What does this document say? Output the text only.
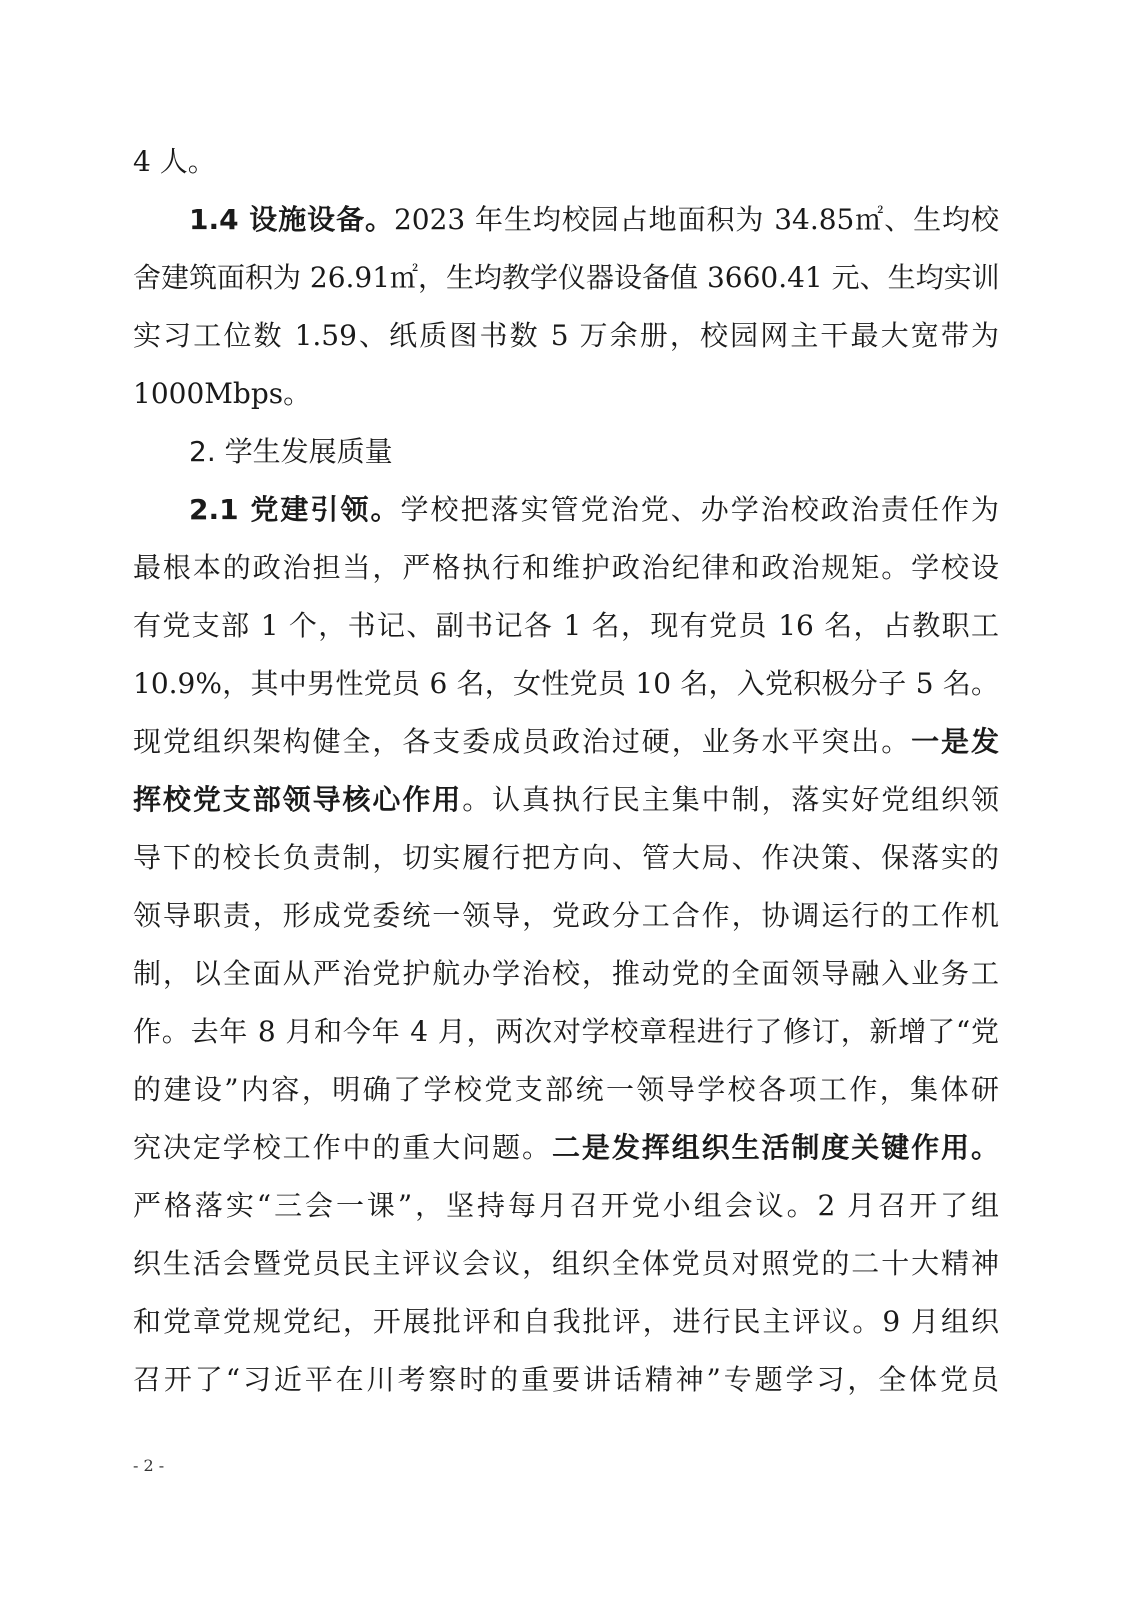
4 人。
1.4 设施设备。2023 年生均校园占地面积为 34.85㎡、生均校
舍建筑面积为 26.91㎡，生均教学仪器设备值 3660.41 元、生均实训
实习工位数 1.59、纸质图书数 5 万余册，校园网主干最大宽带为
1000Mbps。
2. 学生发展质量
2.1 党建引领。学校把落实管党治党、办学治校政治责任作为
最根本的政治担当，严格执行和维护政治纪律和政治规矩。学校设
有党支部 1 个，书记、副书记各 1 名，现有党员 16 名，占教职工
10.9%，其中男性党员 6 名，女性党员 10 名，入党积极分子 5 名。
现党组织架构健全，各支委成员政治过硬，业务水平突出。一是发
挥校党支部领导核心作用。认真执行民主集中制，落实好党组织领
导下的校长负责制，切实履行把方向、管大局、作决策、保落实的
领导职责，形成党委统一领导，党政分工合作，协调运行的工作机
制，以全面从严治党护航办学治校，推动党的全面领导融入业务工
作。去年 8 月和今年 4 月，两次对学校章程进行了修订，新增了“党
的建设”内容，明确了学校党支部统一领导学校各项工作，集体研
究决定学校工作中的重大问题。二是发挥组织生活制度关键作用。
严格落实“三会一课”，坚持每月召开党小组会议。2 月召开了组
织生活会暨党员民主评议会议，组织全体党员对照党的二十大精神
和党章党规党纪，开展批评和自我批评，进行民主评议。9 月组织
召开了“习近平在川考察时的重要讲话精神”专题学习，全体党员
- 2 -
